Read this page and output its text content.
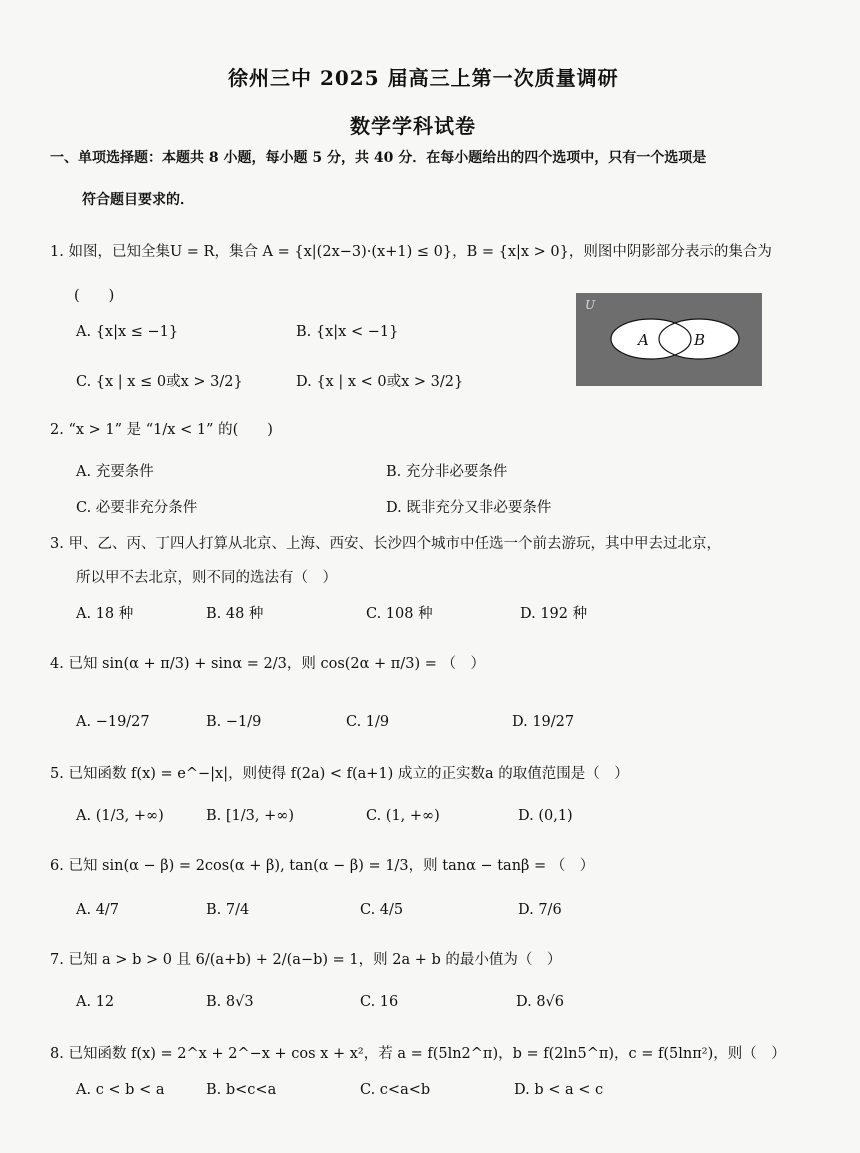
徐州三中 2025 届高三上第一次质量调研
数学学科试卷
一、单项选择题：本题共 8 小题，每小题 5 分，共 40 分．在每小题给出的四个选项中，只有一个选项是
符合题目要求的．
1. 如图，已知全集U = R，集合 A = {x|(2x−3)·(x+1) ≤ 0}，B = {x|x > 0}，则图中阴影部分表示的集合为
(　　)
A. {x|x ≤ −1}	B. {x|x < −1}
C. {x | x ≤ 0或x > 3/2}	D. {x | x < 0或x > 3/2}
U
A	B
2. “x > 1” 是 “1/x < 1” 的(　　)
A. 充要条件	B. 充分非必要条件
C. 必要非充分条件	D. 既非充分又非必要条件
3. 甲、乙、丙、丁四人打算从北京、上海、西安、长沙四个城市中任选一个前去游玩，其中甲去过北京，
所以甲不去北京，则不同的选法有（　）
A. 18 种	B. 48 种	C. 108 种	D. 192 种
4. 已知 sin(α + π/3) + sinα = 2/3，则 cos(2α + π/3) = （　）
A. −19/27	B. −1/9	C. 1/9	D. 19/27
5. 已知函数 f(x) = e^−|x|，则使得 f(2a) < f(a+1) 成立的正实数a 的取值范围是（　）
A. (1/3, +∞)	B. [1/3, +∞)	C. (1, +∞)	D. (0,1)
6. 已知 sin(α − β) = 2cos(α + β), tan(α − β) = 1/3，则 tanα − tanβ = （　）
A. 4/7	B. 7/4	C. 4/5	D. 7/6
7. 已知 a > b > 0 且 6/(a+b) + 2/(a−b) = 1，则 2a + b 的最小值为（　）
A. 12	B. 8√3	C. 16	D. 8√6
8. 已知函数 f(x) = 2^x + 2^−x + cos x + x²，若 a = f(5ln2^π)，b = f(2ln5^π)，c = f(5lnπ²)，则（　）
A. c < b < a	B. b<c<a	C. c<a<b	D. b < a < c
